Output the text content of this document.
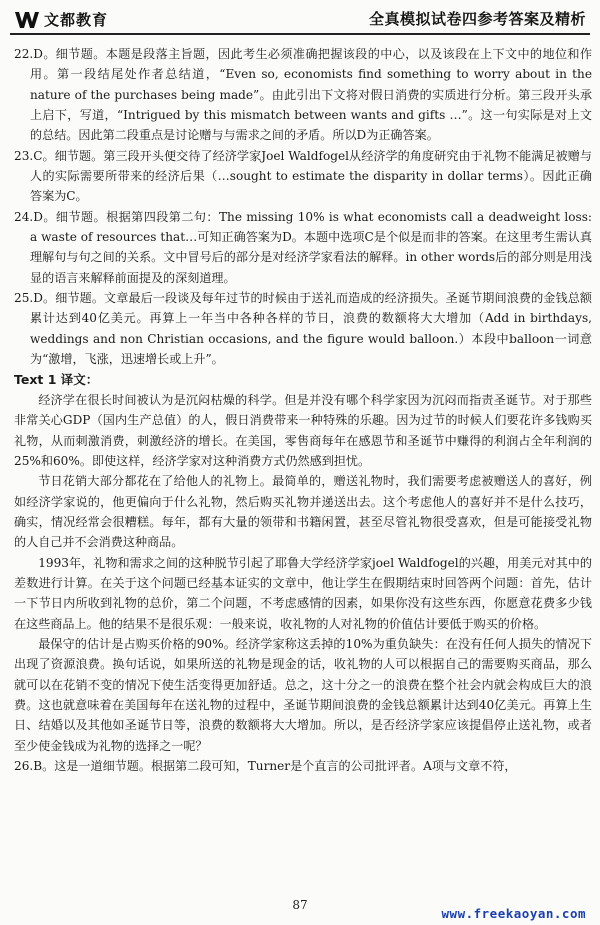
文都教育	全真模拟试卷四参考答案及精析

22.D。细节题。本题是段落主旨题，因此考生必须准确把握该段的中心，以及该段在上下文中的地位和作用。第一段结尾处作者总结道，“Even so, economists find something to worry about in the nature of the purchases being made”。由此引出下文将对假日消费的实质进行分析。第三段开头承上启下，写道，“Intrigued by this mismatch between wants and gifts …”。这一句实际是对上文的总结。因此第二段重点是讨论赠与与需求之间的矛盾。所以D为正确答案。

23.C。细节题。第三段开头便交待了经济学家Joel Waldfogel从经济学的角度研究由于礼物不能满足被赠与人的实际需要所带来的经济后果（…sought to estimate the disparity in dollar terms）。因此正确答案为C。

24.D。细节题。根据第四段第二句：The missing 10% is what economists call a deadweight loss: a waste of resources that…可知正确答案为D。本题中选项C是个似是而非的答案。在这里考生需认真理解句与句之间的关系。文中冒号后的部分是对经济学家看法的解释。in other words后的部分则是用浅显的语言来解释前面提及的深刻道理。

25.D。细节题。文章最后一段谈及每年过节的时候由于送礼而造成的经济损失。圣诞节期间浪费的金钱总额累计达到40亿美元。再算上一年当中各种各样的节日，浪费的数额将大大增加（Add in birthdays, weddings and non Christian occasions, and the figure would balloon.）本段中balloon一词意为“激增，飞涨，迅速增长或上升”。

Text 1 译文：

经济学在很长时间被认为是沉闷枯燥的科学。但是并没有哪个科学家因为沉闷而指责圣诞节。对于那些非常关心GDP（国内生产总值）的人，假日消费带来一种特殊的乐趣。因为过节的时候人们要花许多钱购买礼物，从而刺激消费，刺激经济的增长。在美国，零售商每年在感恩节和圣诞节中赚得的利润占全年利润的25%和60%。即使这样，经济学家对这种消费方式仍然感到担忧。

节日花销大部分都花在了给他人的礼物上。最简单的，赠送礼物时，我们需要考虑被赠送人的喜好，例如经济学家说的，他更偏向于什么礼物，然后购买礼物并递送出去。这个考虑他人的喜好并不是什么技巧，确实，情况经常会很糟糕。每年，都有大量的领带和书籍闲置，甚至尽管礼物很受喜欢，但是可能接受礼物的人自己并不会消费这种商品。

1993年，礼物和需求之间的这种脱节引起了耶鲁大学经济学家joel Waldfogel的兴趣，用美元对其中的差数进行计算。在关于这个问题已经基本证实的文章中，他让学生在假期结束时回答两个问题：首先，估计一下节日内所收到礼物的总价，第二个问题，不考虑感情的因素，如果你没有这些东西，你愿意花费多少钱在这些商品上。他的结果不是很乐观：一般来说，收礼物的人对礼物的价值估计要低于购买的价格。

最保守的估计是占购买价格的90%。经济学家称这丢掉的10%为重负缺失：在没有任何人损失的情况下出现了资源浪费。换句话说，如果所送的礼物是现金的话，收礼物的人可以根据自己的需要购买商品，那么就可以在花销不变的情况下使生活变得更加舒适。总之，这十分之一的浪费在整个社会内就会构成巨大的浪费。这也就意味着在美国每年在送礼物的过程中，圣诞节期间浪费的金钱总额累计达到40亿美元。再算上生日、结婚以及其他如圣诞节日等，浪费的数额将大大增加。所以，是否经济学家应该提倡停止送礼物，或者至少使金钱成为礼物的选择之一呢？

26.B。这是一道细节题。根据第二段可知，Turner是个直言的公司批评者。A项与文章不符，

87
www.freekaoyan.com
